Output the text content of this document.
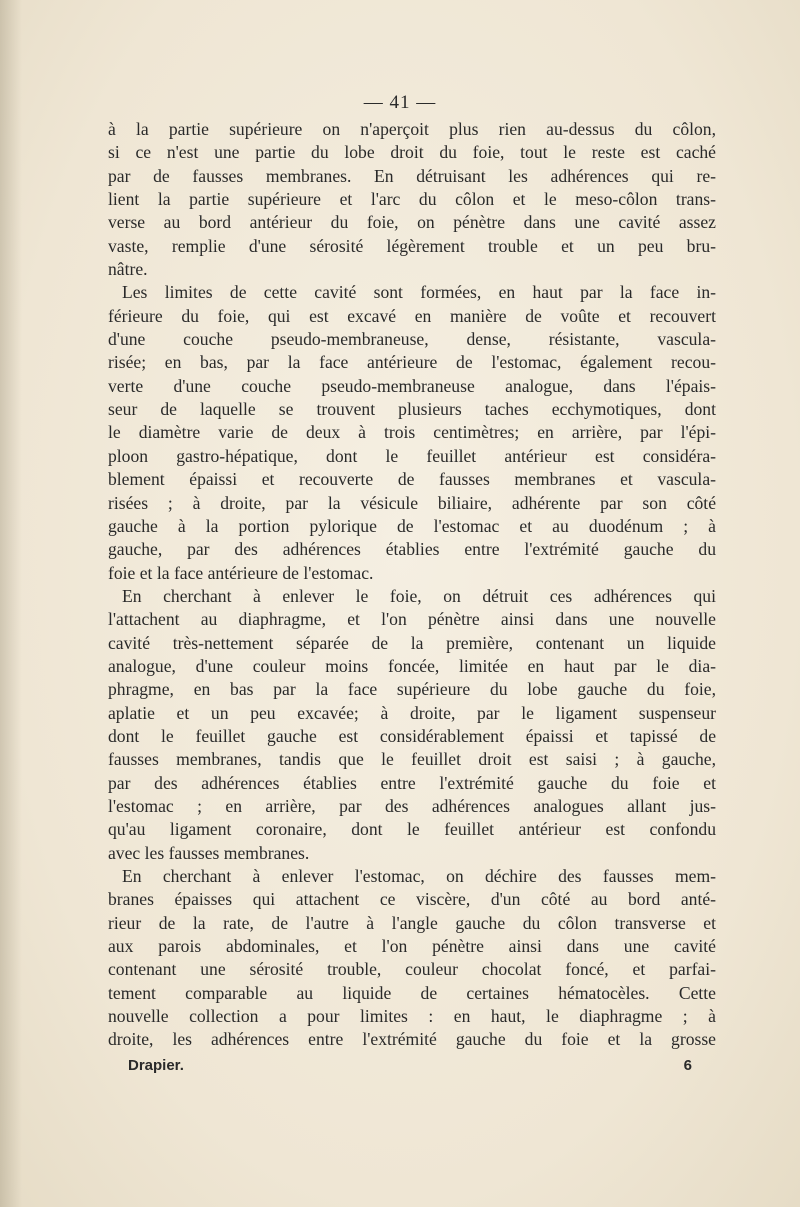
— 41 —
à la partie supérieure on n'aperçoit plus rien au-dessus du côlon,
si ce n'est une partie du lobe droit du foie, tout le reste est caché
par de fausses membranes. En détruisant les adhérences qui re-
lient la partie supérieure et l'arc du côlon et le meso-côlon trans-
verse au bord antérieur du foie, on pénètre dans une cavité assez
vaste, remplie d'une sérosité légèrement trouble et un peu bru-
nâtre.
Les limites de cette cavité sont formées, en haut par la face in-
férieure du foie, qui est excavé en manière de voûte et recouvert
d'une couche pseudo-membraneuse, dense, résistante, vascula-
risée; en bas, par la face antérieure de l'estomac, également recou-
verte d'une couche pseudo-membraneuse analogue, dans l'épais-
seur de laquelle se trouvent plusieurs taches ecchymotiques, dont
le diamètre varie de deux à trois centimètres; en arrière, par l'épi-
ploon gastro-hépatique, dont le feuillet antérieur est considéra-
blement épaissi et recouverte de fausses membranes et vascula-
risées ; à droite, par la vésicule biliaire, adhérente par son côté
gauche à la portion pylorique de l'estomac et au duodénum ; à
gauche, par des adhérences établies entre l'extrémité gauche du
foie et la face antérieure de l'estomac.
En cherchant à enlever le foie, on détruit ces adhérences qui
l'attachent au diaphragme, et l'on pénètre ainsi dans une nouvelle
cavité très-nettement séparée de la première, contenant un liquide
analogue, d'une couleur moins foncée, limitée en haut par le dia-
phragme, en bas par la face supérieure du lobe gauche du foie,
aplatie et un peu excavée; à droite, par le ligament suspenseur
dont le feuillet gauche est considérablement épaissi et tapissé de
fausses membranes, tandis que le feuillet droit est saisi ; à gauche,
par des adhérences établies entre l'extrémité gauche du foie et
l'estomac ; en arrière, par des adhérences analogues allant jus-
qu'au ligament coronaire, dont le feuillet antérieur est confondu
avec les fausses membranes.
En cherchant à enlever l'estomac, on déchire des fausses mem-
branes épaisses qui attachent ce viscère, d'un côté au bord anté-
rieur de la rate, de l'autre à l'angle gauche du côlon transverse et
aux parois abdominales, et l'on pénètre ainsi dans une cavité
contenant une sérosité trouble, couleur chocolat foncé, et parfai-
tement comparable au liquide de certaines hématocèles. Cette
nouvelle collection a pour limites : en haut, le diaphragme ; à
droite, les adhérences entre l'extrémité gauche du foie et la grosse
Drapier.	6
